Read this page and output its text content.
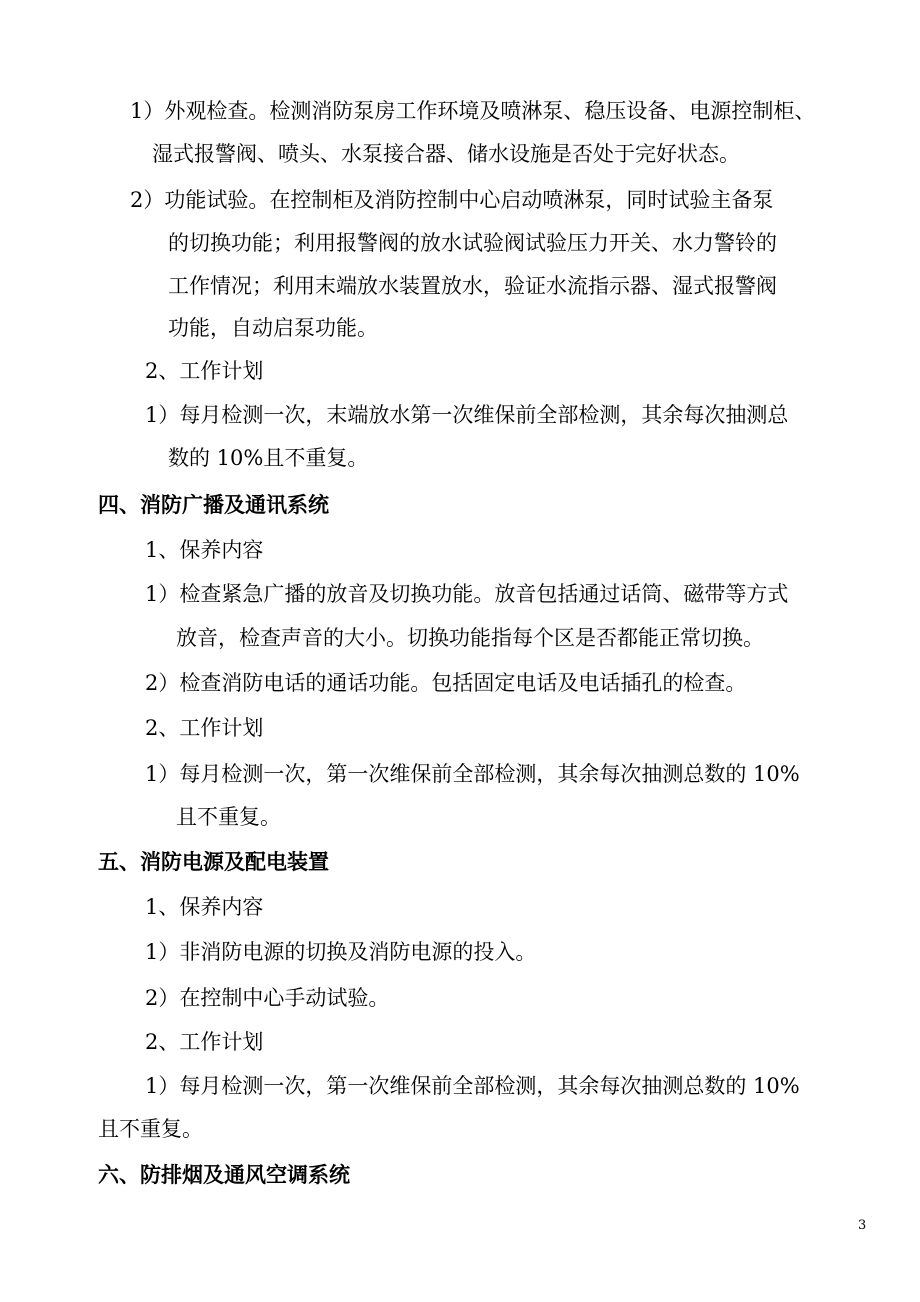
1）外观检查。检测消防泵房工作环境及喷淋泵、稳压设备、电源控制柜、
湿式报警阀、喷头、水泵接合器、储水设施是否处于完好状态。
2）功能试验。在控制柜及消防控制中心启动喷淋泵，同时试验主备泵
的切换功能；利用报警阀的放水试验阀试验压力开关、水力警铃的
工作情况；利用末端放水装置放水，验证水流指示器、湿式报警阀
功能，自动启泵功能。
2、工作计划
1）每月检测一次，末端放水第一次维保前全部检测，其余每次抽测总
数的 10%且不重复。
四、消防广播及通讯系统
1、保养内容
1）检查紧急广播的放音及切换功能。放音包括通过话筒、磁带等方式
放音，检查声音的大小。切换功能指每个区是否都能正常切换。
2）检查消防电话的通话功能。包括固定电话及电话插孔的检查。
2、工作计划
1）每月检测一次，第一次维保前全部检测，其余每次抽测总数的 10%
且不重复。
五、消防电源及配电装置
1、保养内容
1）非消防电源的切换及消防电源的投入。
2）在控制中心手动试验。
2、工作计划
1）每月检测一次，第一次维保前全部检测，其余每次抽测总数的 10%
且不重复。
六、防排烟及通风空调系统
3
